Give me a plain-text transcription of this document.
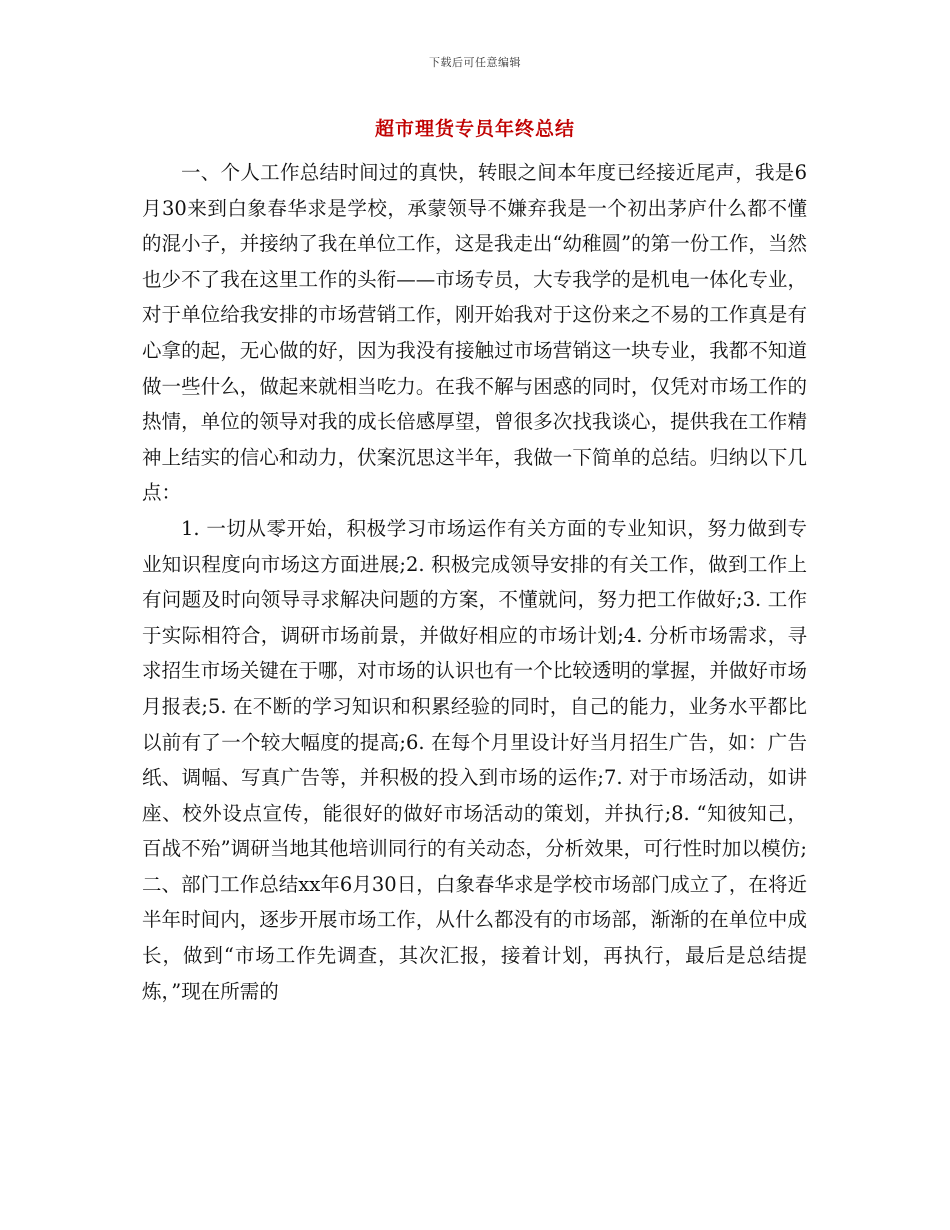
下载后可任意编辑
超市理货专员年终总结

一、个人工作总结时间过的真快，转眼之间本年度已经接近尾声，我是6月30来到白象春华求是学校，承蒙领导不嫌弃我是一个初出茅庐什么都不懂的混小子，并接纳了我在单位工作，这是我走出“幼稚圆”的第一份工作，当然也少不了我在这里工作的头衔——市场专员，大专我学的是机电一体化专业，对于单位给我安排的市场营销工作，刚开始我对于这份来之不易的工作真是有心拿的起，无心做的好，因为我没有接触过市场营销这一块专业，我都不知道做一些什么，做起来就相当吃力。在我不解与困惑的同时，仅凭对市场工作的热情，单位的领导对我的成长倍感厚望，曾很多次找我谈心，提供我在工作精神上结实的信心和动力，伏案沉思这半年，我做一下简单的总结。归纳以下几点：

1. 一切从零开始，积极学习市场运作有关方面的专业知识，努力做到专业知识程度向市场这方面进展;2. 积极完成领导安排的有关工作，做到工作上有问题及时向领导寻求解决问题的方案，不懂就问，努力把工作做好;3. 工作于实际相符合，调研市场前景，并做好相应的市场计划;4. 分析市场需求，寻求招生市场关键在于哪，对市场的认识也有一个比较透明的掌握，并做好市场月报表;5. 在不断的学习知识和积累经验的同时，自己的能力，业务水平都比以前有了一个较大幅度的提高;6. 在每个月里设计好当月招生广告，如：广告纸、调幅、写真广告等，并积极的投入到市场的运作;7. 对于市场活动，如讲座、校外设点宣传，能很好的做好市场活动的策划，并执行;8. “知彼知己，百战不殆”调研当地其他培训同行的有关动态，分析效果，可行性时加以模仿;二、部门工作总结xx年6月30日，白象春华求是学校市场部门成立了，在将近半年时间内，逐步开展市场工作，从什么都没有的市场部，渐渐的在单位中成长，做到“市场工作先调查，其次汇报，接着计划，再执行，最后是总结提炼，”现在所需的
